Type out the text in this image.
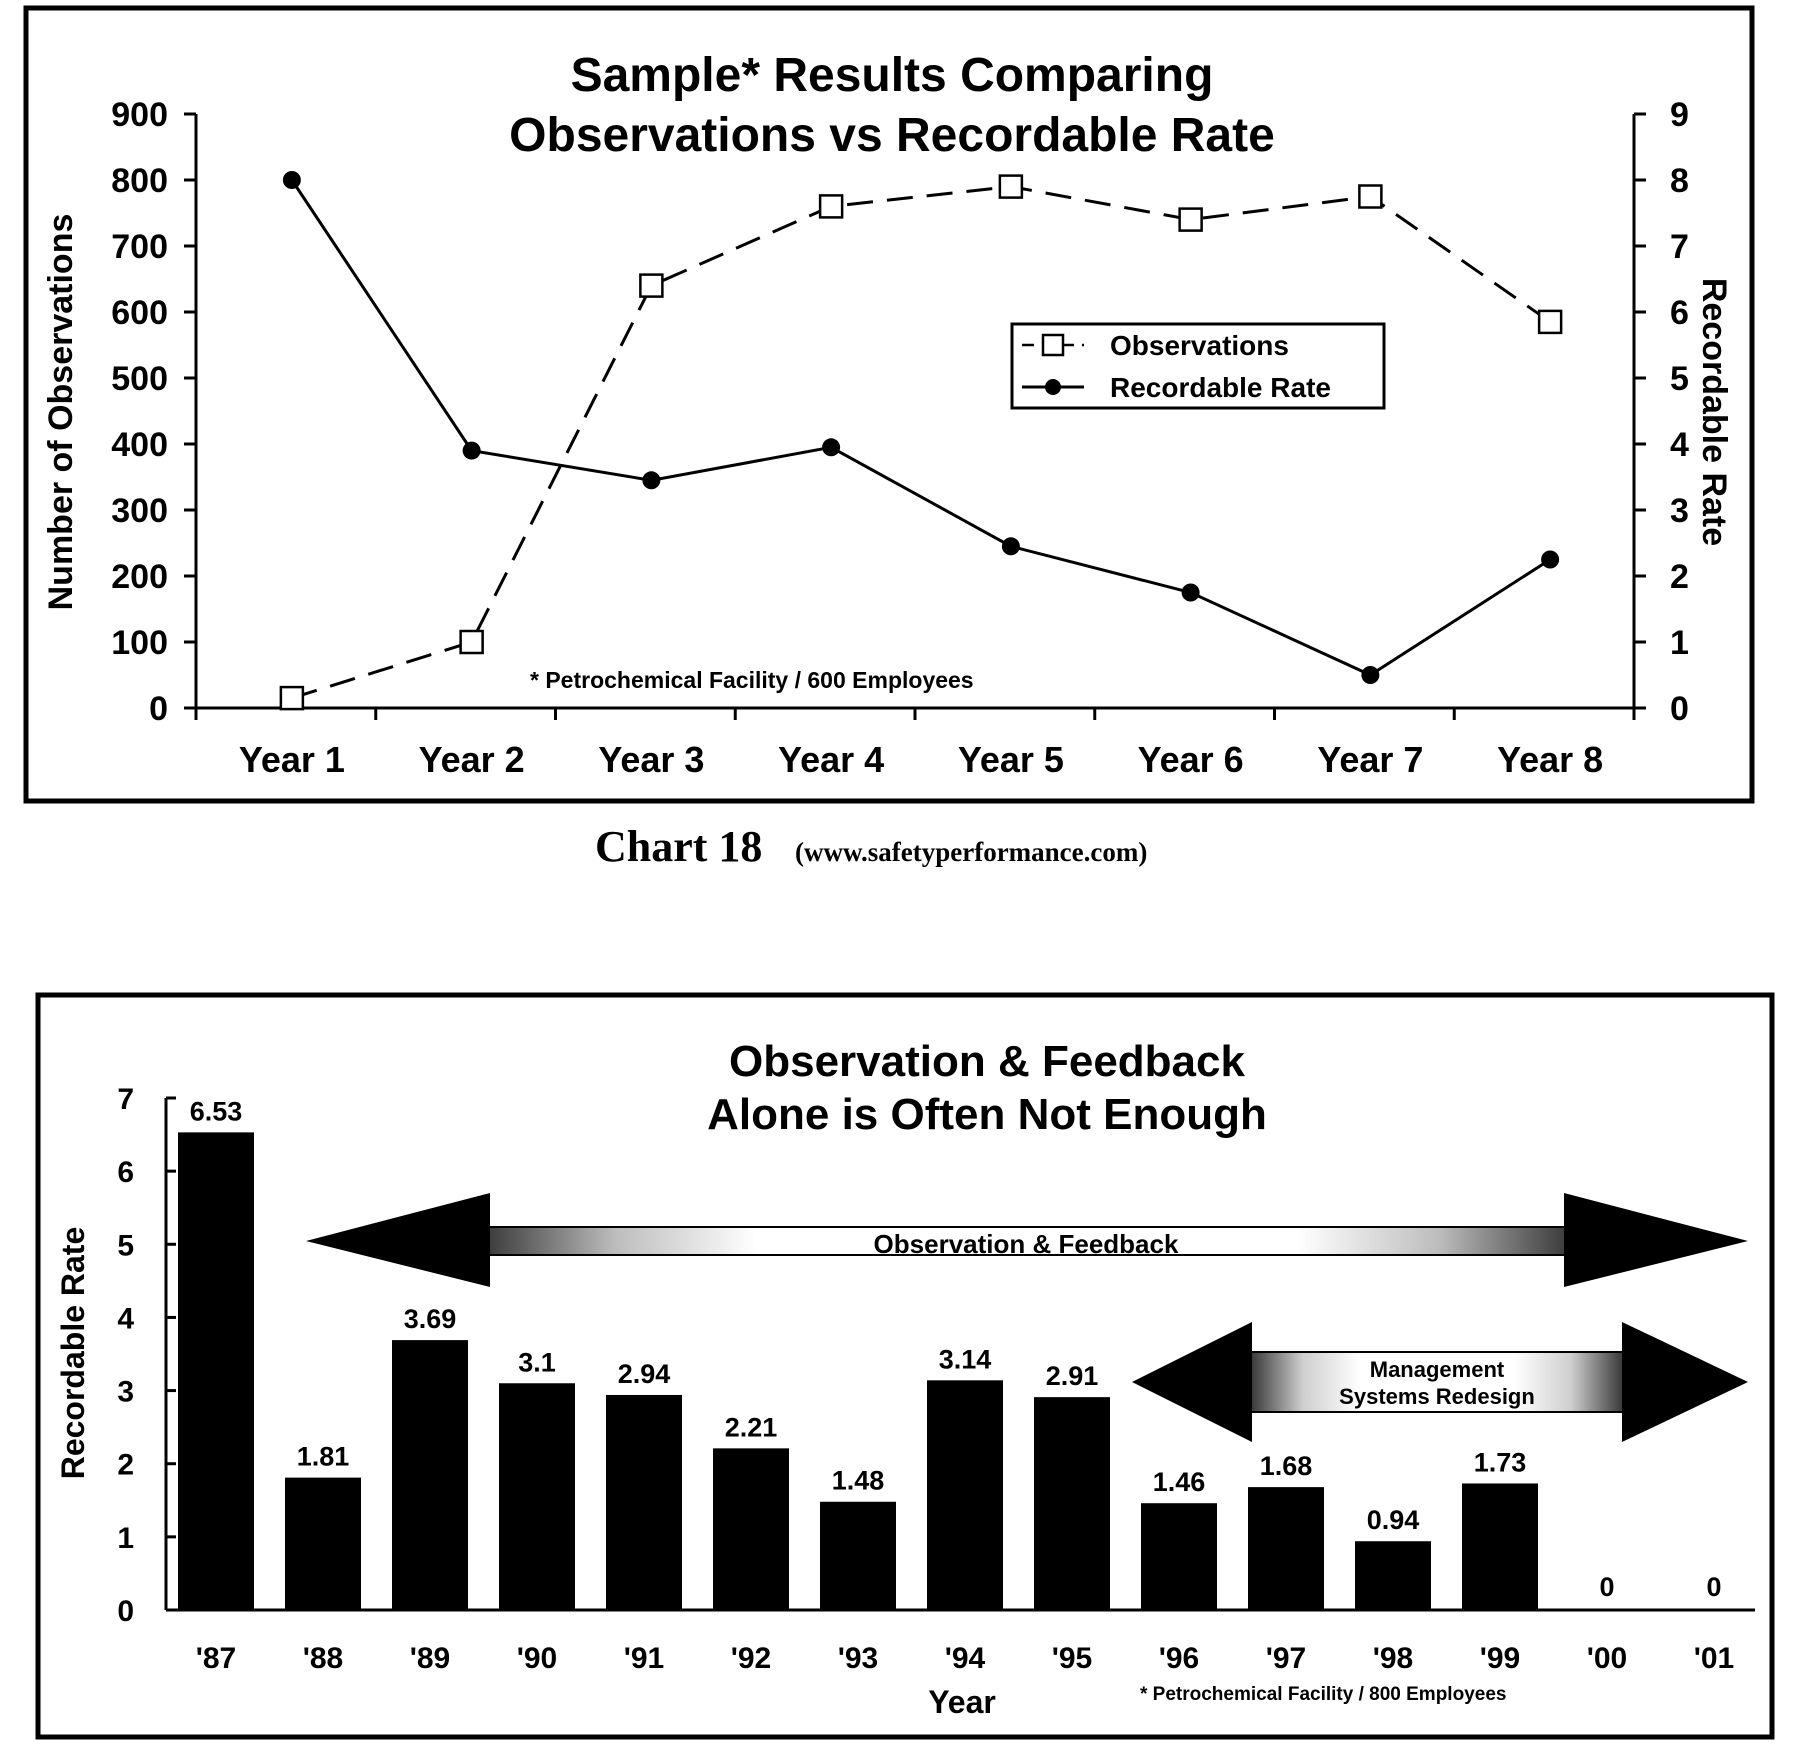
Sample* Results Comparing
Observations vs Recordable Rate
0
100
200
300
400
500
600
700
800
900
0
1
2
3
4
5
6
7
8
9
Year 1 Year 2 Year 3 Year 4 Year 5 Year 6 Year 7 Year 8
Number of Observations	Recordable Rate
Observations
Recordable Rate
* Petrochemical Facility / 600 Employees
Chart 18 (www.safetyperformance.com)
Observation & Feedback
Alone is Often Not Enough
Observation & Feedback
Management
Systems Redesign
0
1
2
3
4
5
6
7 6.53
1.81
3.69
3.1 2.94
2.21
1.48
3.14
2.91
1.46
1.68
0.94
1.73
0	0
'87 '88 '89 '90 '91 '92 '93 '94 '95 '96 '97 '98 '99 '00 '01
Recordable Rate
Year	* Petrochemical Facility / 800 Employees
